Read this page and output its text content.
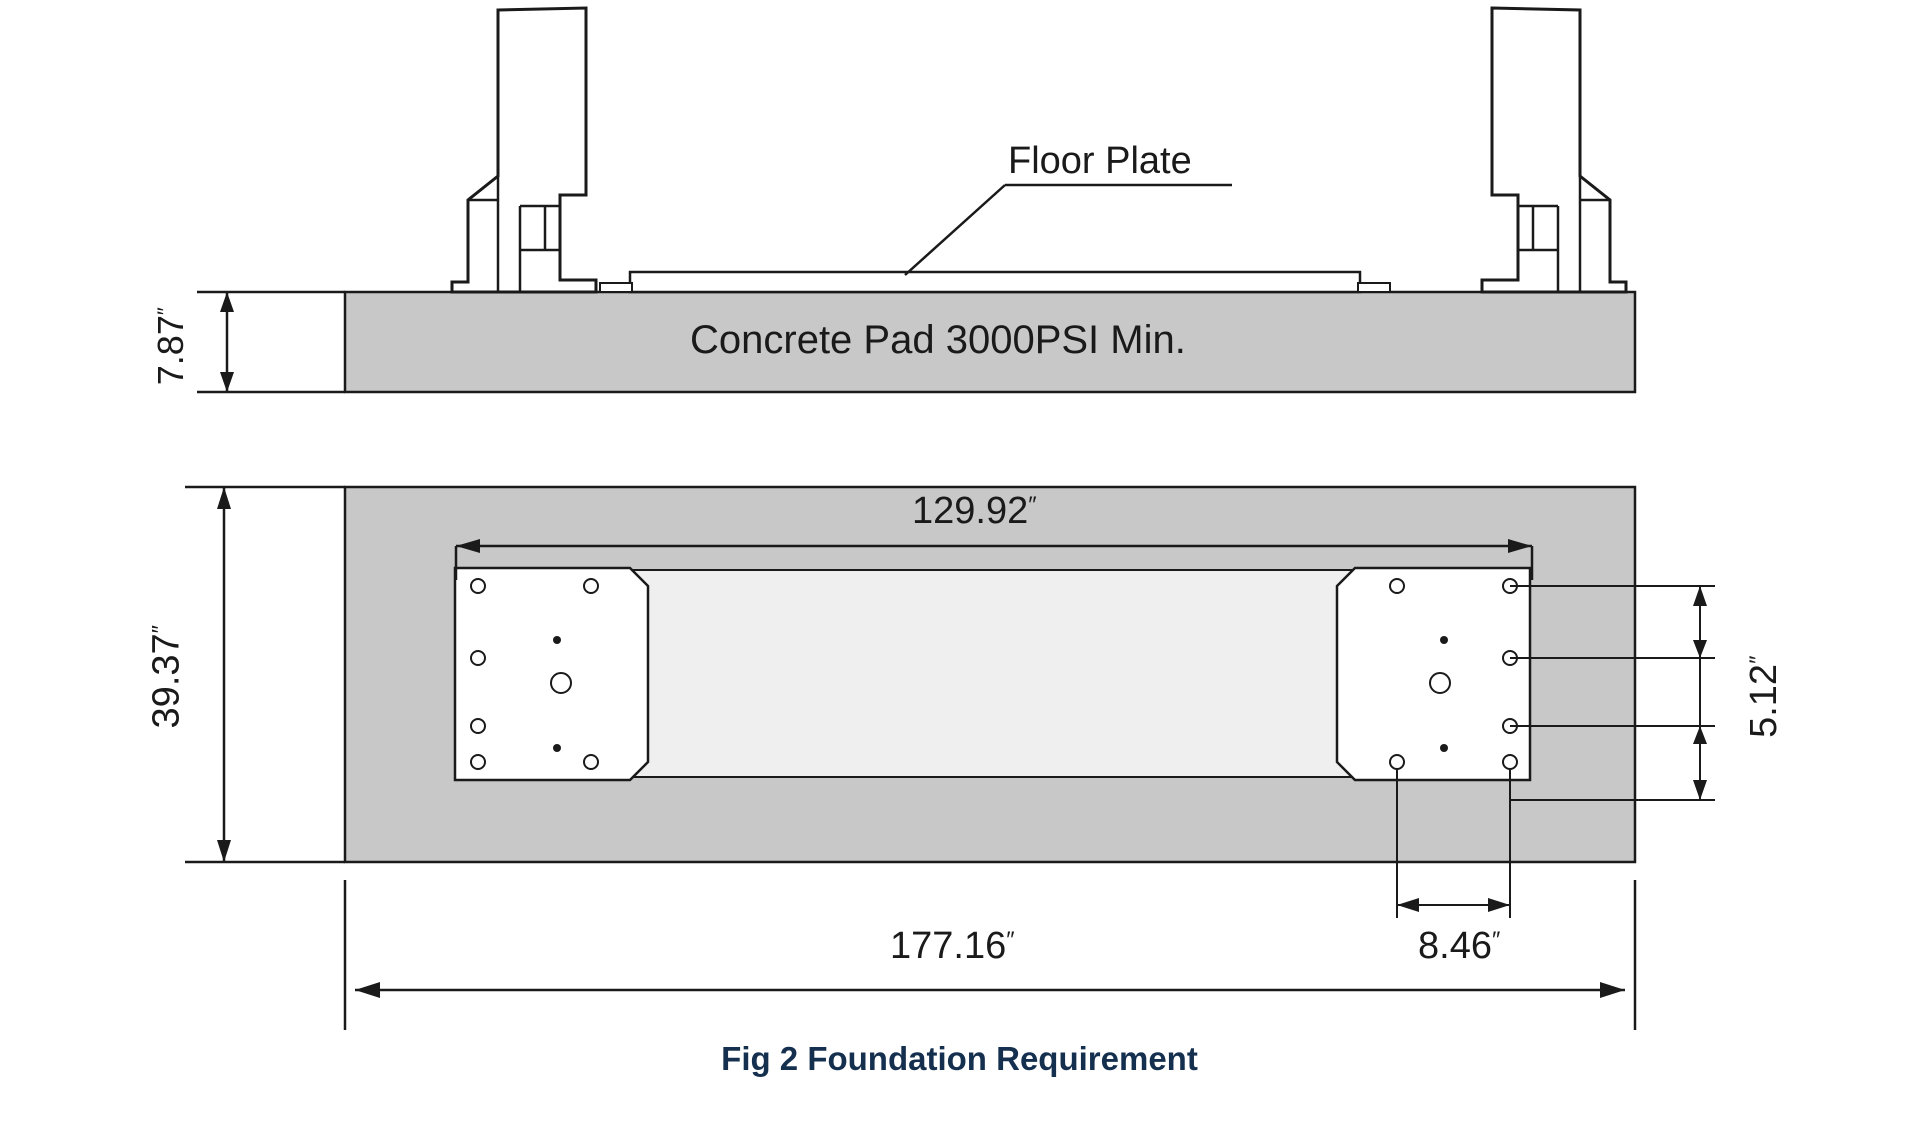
Floor Plate
Concrete Pad 3000PSI Min.
7.87″
39.37″
129.92″
177.16″
5.12″
8.46″
Fig 2 Foundation Requirement
